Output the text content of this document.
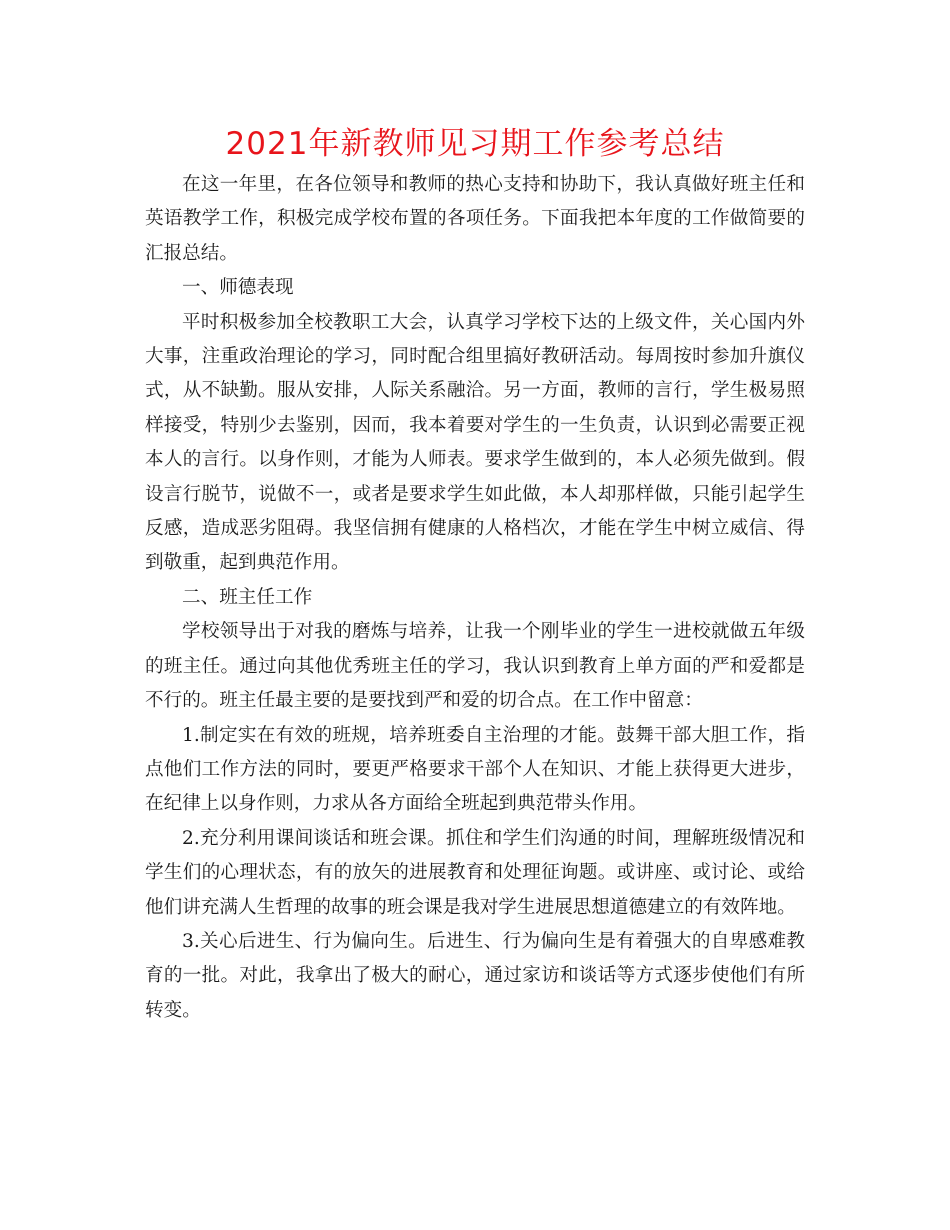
2021年新教师见习期工作参考总结

在这一年里，在各位领导和教师的热心支持和协助下，我认真做好班主任和英语教学工作，积极完成学校布置的各项任务。下面我把本年度的工作做简要的汇报总结。

一、师德表现

平时积极参加全校教职工大会，认真学习学校下达的上级文件，关心国内外大事，注重政治理论的学习，同时配合组里搞好教研活动。每周按时参加升旗仪式，从不缺勤。服从安排，人际关系融洽。另一方面，教师的言行，学生极易照样接受，特别少去鉴别，因而，我本着要对学生的一生负责，认识到必需要正视本人的言行。以身作则，才能为人师表。要求学生做到的，本人必须先做到。假设言行脱节，说做不一，或者是要求学生如此做，本人却那样做，只能引起学生反感，造成恶劣阻碍。我坚信拥有健康的人格档次，才能在学生中树立威信、得到敬重，起到典范作用。

二、班主任工作

学校领导出于对我的磨炼与培养，让我一个刚毕业的学生一进校就做五年级的班主任。通过向其他优秀班主任的学习，我认识到教育上单方面的严和爱都是不行的。班主任最主要的是要找到严和爱的切合点。在工作中留意：

1.制定实在有效的班规，培养班委自主治理的才能。鼓舞干部大胆工作，指点他们工作方法的同时，要更严格要求干部个人在知识、才能上获得更大进步，在纪律上以身作则，力求从各方面给全班起到典范带头作用。

2.充分利用课间谈话和班会课。抓住和学生们沟通的时间，理解班级情况和学生们的心理状态，有的放矢的进展教育和处理征询题。或讲座、或讨论、或给他们讲充满人生哲理的故事的班会课是我对学生进展思想道德建立的有效阵地。

3.关心后进生、行为偏向生。后进生、行为偏向生是有着强大的自卑感难教育的一批。对此，我拿出了极大的耐心，通过家访和谈话等方式逐步使他们有所转变。
